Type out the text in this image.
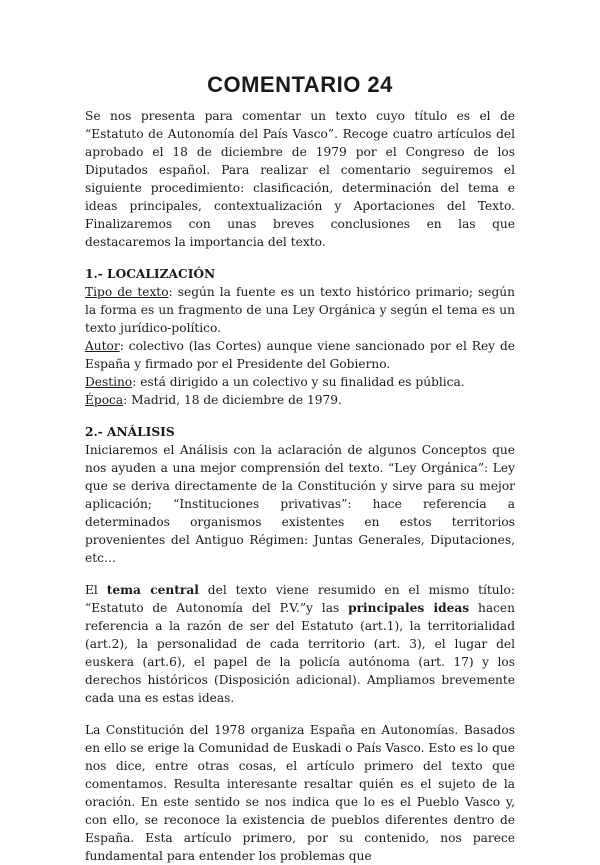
COMENTARIO 24

Se nos presenta para comentar un texto cuyo título es el de “Estatuto de Autonomía del País Vasco”. Recoge cuatro artículos del aprobado el 18 de diciembre de 1979 por el Congreso de los Diputados español. Para realizar el comentario seguiremos el siguiente procedimiento: clasificación, determinación del tema e ideas principales, contextualización y Aportaciones del Texto. Finalizaremos con unas breves conclusiones en las que destacaremos la importancia del texto.

1.- LOCALIZACIÓN

Tipo de texto: según la fuente es un texto histórico primario; según la forma es un fragmento de una Ley Orgánica y según el tema es un texto jurídico-político.

Autor: colectivo (las Cortes) aunque viene sancionado por el Rey de España y firmado por el Presidente del Gobierno.

Destino: está dirigido a un colectivo y su finalidad es pública.

Época: Madrid, 18 de diciembre de 1979.

2.- ANÁLISIS

Iniciaremos el Análisis con la aclaración de algunos Conceptos que nos ayuden a una mejor comprensión del texto. “Ley Orgánica”: Ley que se deriva directamente de la Constitución y sirve para su mejor aplicación; “Instituciones privativas”: hace referencia a determinados organismos existentes en estos territorios provenientes del Antiguo Régimen: Juntas Generales, Diputaciones, etc…

El tema central del texto viene resumido en el mismo título: “Estatuto de Autonomía del P.V.”y las principales ideas hacen referencia a la razón de ser del Estatuto (art.1), la territorialidad (art.2), la personalidad de cada territorio (art. 3), el lugar del euskera (art.6), el papel de la policía autónoma (art. 17) y los derechos históricos (Disposición adicional). Ampliamos brevemente cada una es estas ideas.

La Constitución del 1978 organiza España en Autonomías. Basados en ello se erige la Comunidad de Euskadi o País Vasco. Esto es lo que nos dice, entre otras cosas, el artículo primero del texto que comentamos. Resulta interesante resaltar quién es el sujeto de la oración. En este sentido se nos indica que lo es el Pueblo Vasco y, con ello, se reconoce la existencia de pueblos diferentes dentro de España. Esta artículo primero, por su contenido, nos parece fundamental para entender los problemas que
